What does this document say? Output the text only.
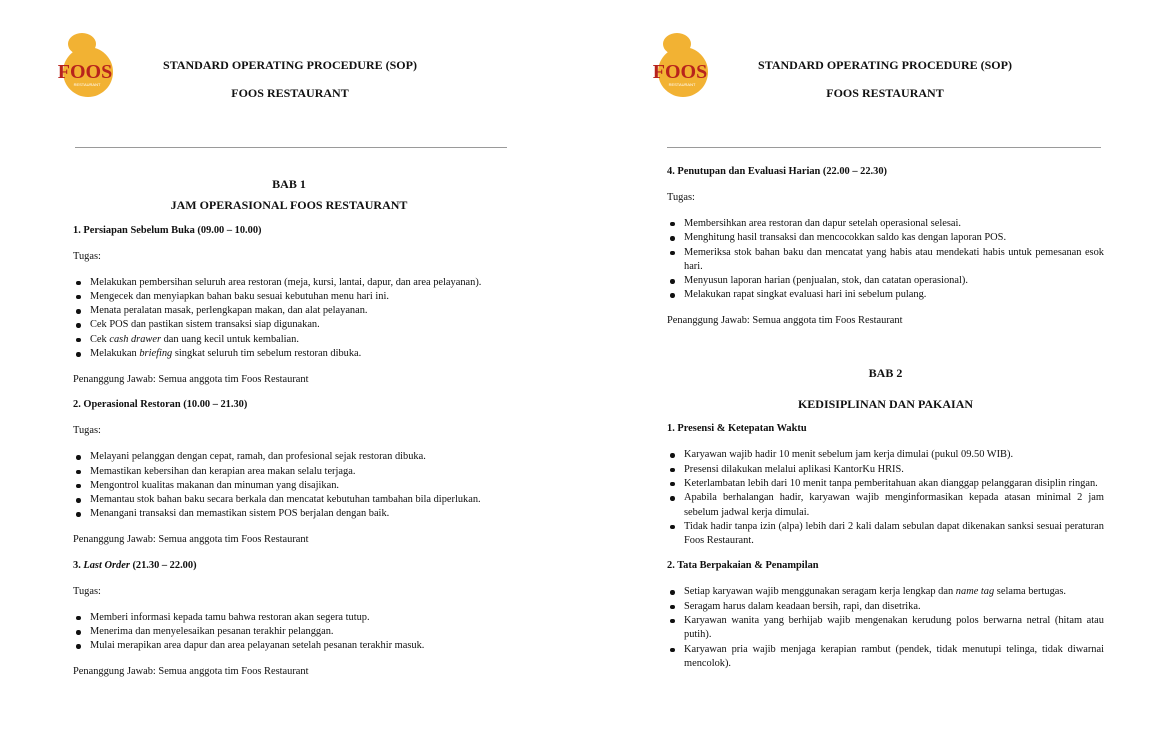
FOOS
RESTAURANT
STANDARD OPERATING PROCEDURE (SOP)
FOOS RESTAURANT

BAB 1

JAM OPERASIONAL FOOS RESTAURANT

1. Persiapan Sebelum Buka (09.00 – 10.00)

Tugas:

Melakukan pembersihan seluruh area restoran (meja, kursi, lantai, dapur, dan area pelayanan).
Mengecek dan menyiapkan bahan baku sesuai kebutuhan menu hari ini.
Menata peralatan masak, perlengkapan makan, dan alat pelayanan.
Cek POS dan pastikan sistem transaksi siap digunakan.
Cek cash drawer dan uang kecil untuk kembalian.
Melakukan briefing singkat seluruh tim sebelum restoran dibuka.

Penanggung Jawab: Semua anggota tim Foos Restaurant

2. Operasional Restoran (10.00 – 21.30)

Tugas:

Melayani pelanggan dengan cepat, ramah, dan profesional sejak restoran dibuka.
Memastikan kebersihan dan kerapian area makan selalu terjaga.
Mengontrol kualitas makanan dan minuman yang disajikan.
Memantau stok bahan baku secara berkala dan mencatat kebutuhan tambahan bila diperlukan.
Menangani transaksi dan memastikan sistem POS berjalan dengan baik.

Penanggung Jawab: Semua anggota tim Foos Restaurant

3. Last Order (21.30 – 22.00)

Tugas:

Memberi informasi kepada tamu bahwa restoran akan segera tutup.
Menerima dan menyelesaikan pesanan terakhir pelanggan.
Mulai merapikan area dapur dan area pelayanan setelah pesanan terakhir masuk.

Penanggung Jawab: Semua anggota tim Foos Restaurant

FOOS
RESTAURANT
STANDARD OPERATING PROCEDURE (SOP)
FOOS RESTAURANT

4. Penutupan dan Evaluasi Harian (22.00 – 22.30)

Tugas:

Membersihkan area restoran dan dapur setelah operasional selesai.
Menghitung hasil transaksi dan mencocokkan saldo kas dengan laporan POS.
Memeriksa stok bahan baku dan mencatat yang habis atau mendekati habis untuk pemesanan esok hari.
Menyusun laporan harian (penjualan, stok, dan catatan operasional).
Melakukan rapat singkat evaluasi hari ini sebelum pulang.

Penanggung Jawab: Semua anggota tim Foos Restaurant

BAB 2

KEDISIPLINAN DAN PAKAIAN

1. Presensi & Ketepatan Waktu

Karyawan wajib hadir 10 menit sebelum jam kerja dimulai (pukul 09.50 WIB).
Presensi dilakukan melalui aplikasi KantorKu HRIS.
Keterlambatan lebih dari 10 menit tanpa pemberitahuan akan dianggap pelanggaran disiplin ringan.
Apabila berhalangan hadir, karyawan wajib menginformasikan kepada atasan minimal 2 jam sebelum jadwal kerja dimulai.
Tidak hadir tanpa izin (alpa) lebih dari 2 kali dalam sebulan dapat dikenakan sanksi sesuai peraturan Foos Restaurant.

2. Tata Berpakaian & Penampilan

Setiap karyawan wajib menggunakan seragam kerja lengkap dan name tag selama bertugas.
Seragam harus dalam keadaan bersih, rapi, dan disetrika.
Karyawan wanita yang berhijab wajib mengenakan kerudung polos berwarna netral (hitam atau putih).
Karyawan pria wajib menjaga kerapian rambut (pendek, tidak menutupi telinga, tidak diwarnai mencolok).
